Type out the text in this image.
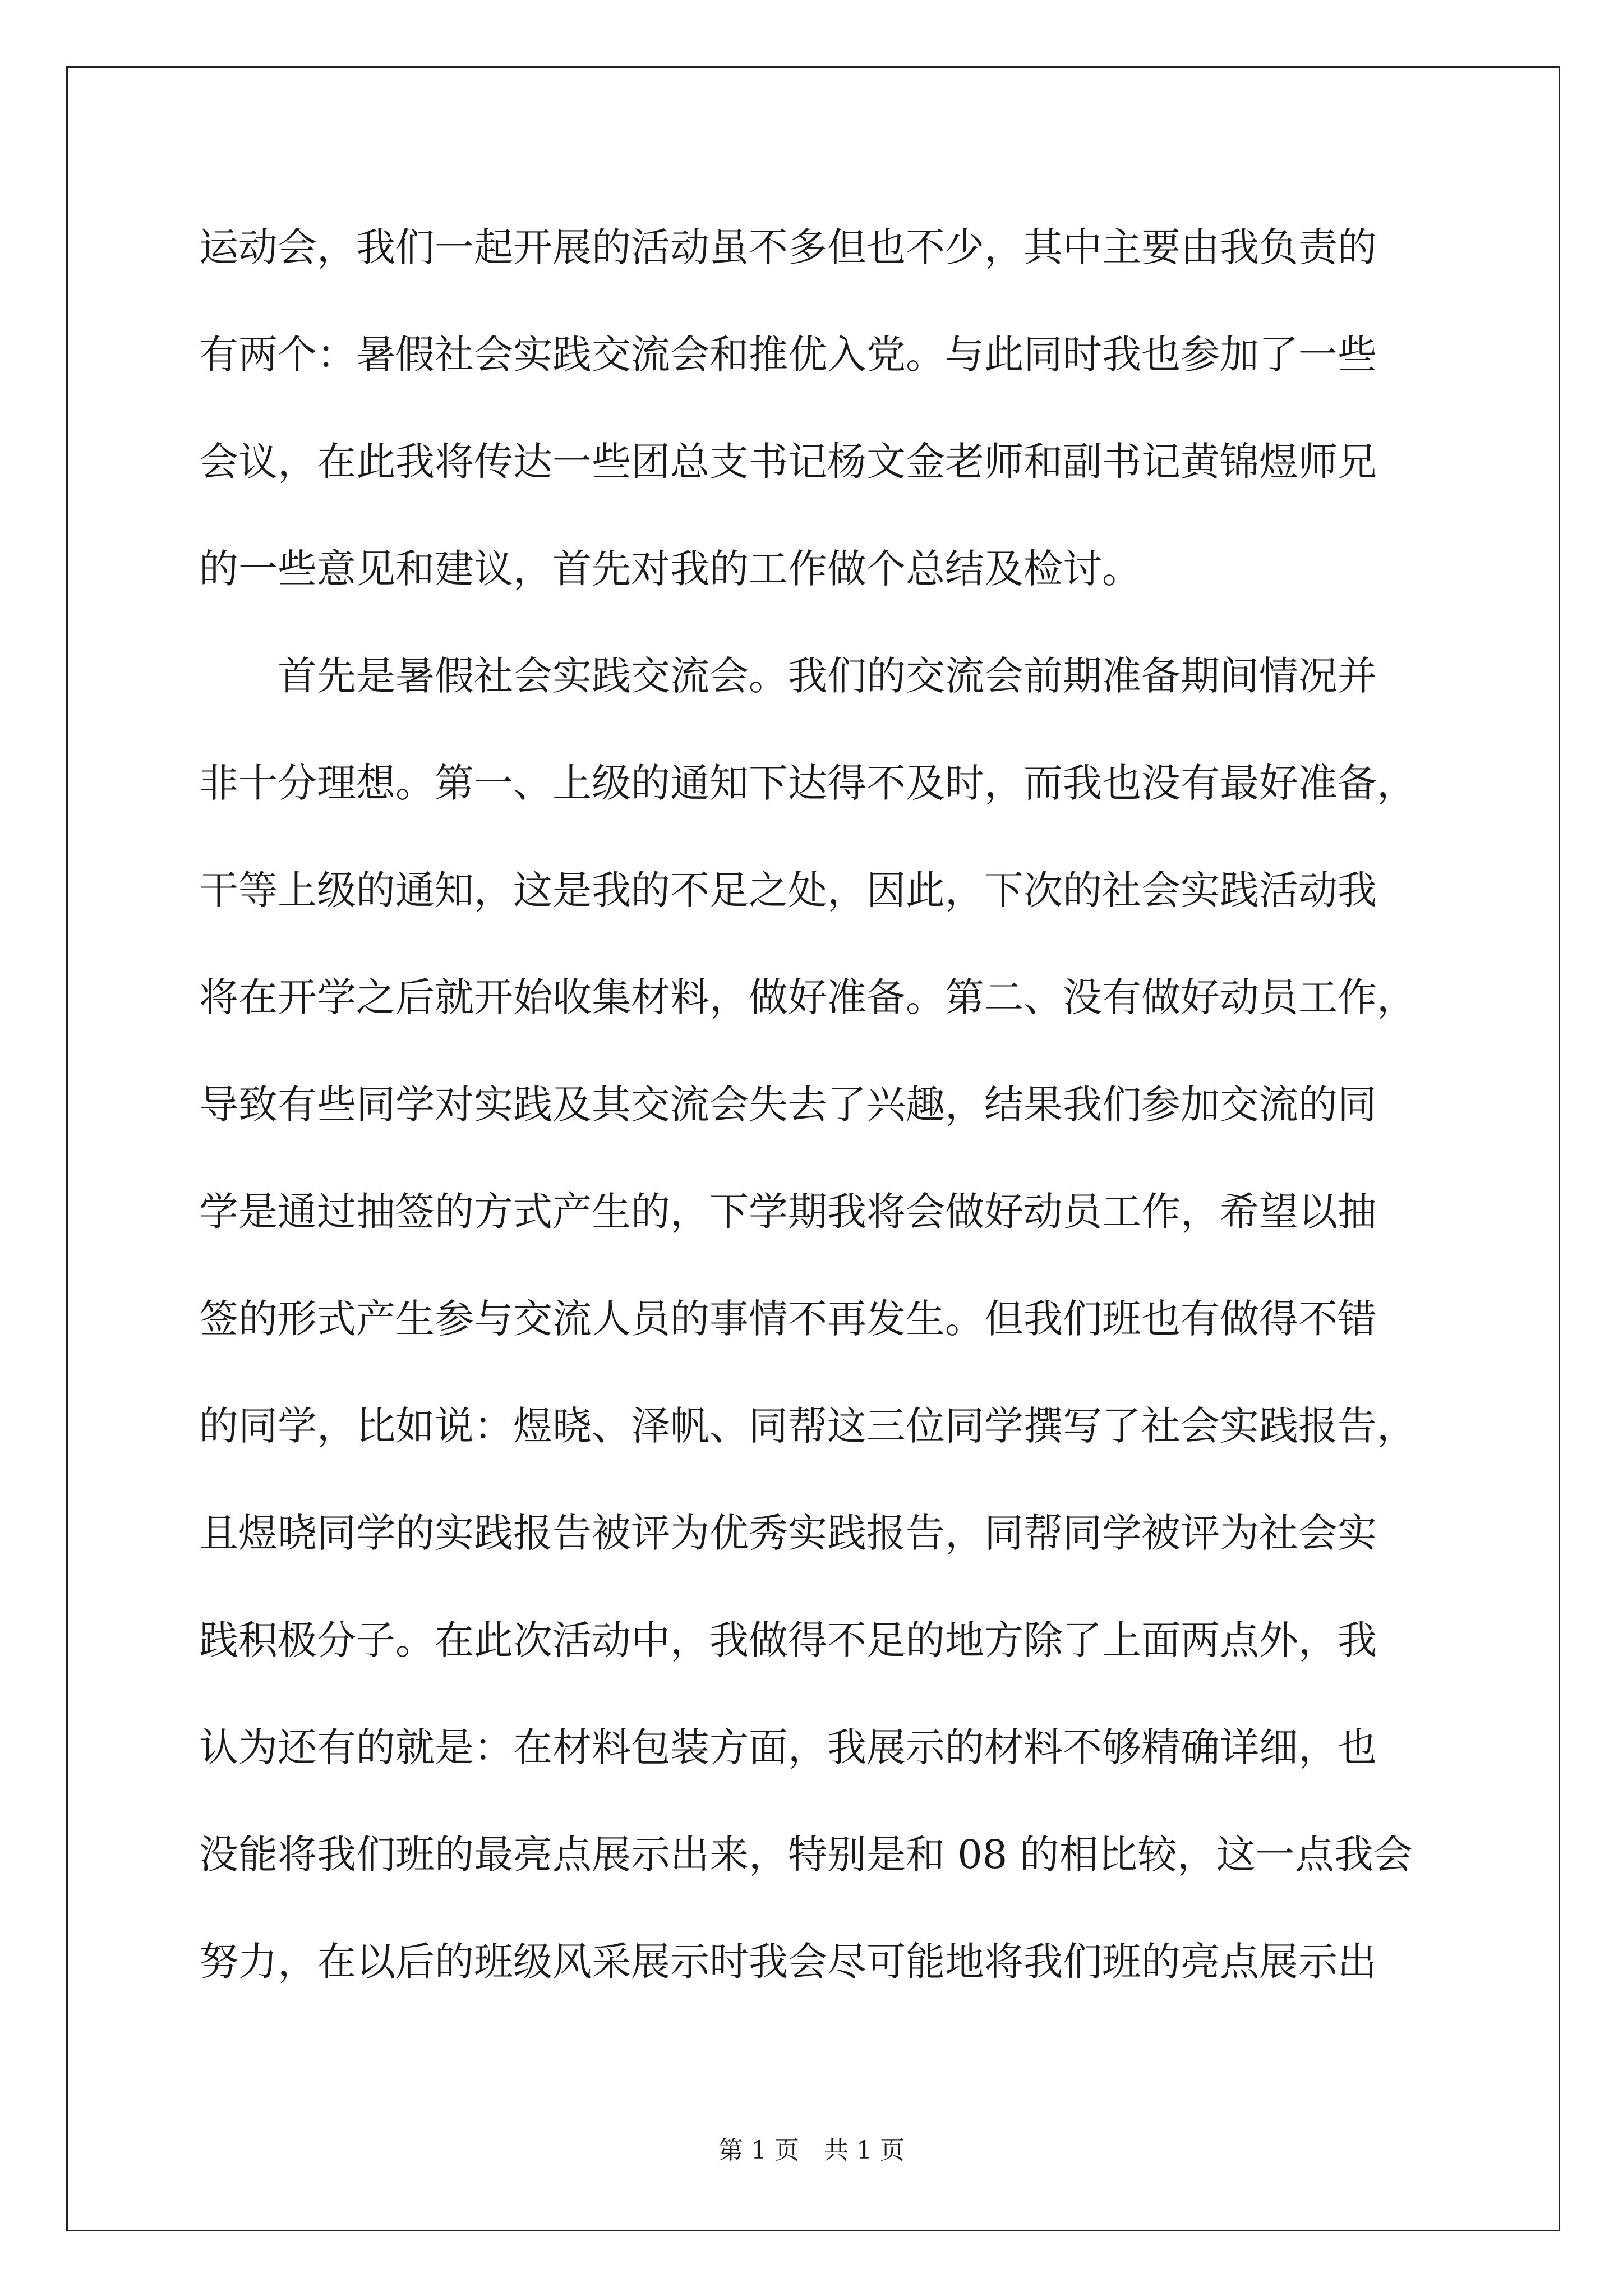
运动会，我们一起开展的活动虽不多但也不少，其中主要由我负责的
有两个：暑假社会实践交流会和推优入党。与此同时我也参加了一些
会议，在此我将传达一些团总支书记杨文金老师和副书记黄锦煜师兄
的一些意见和建议，首先对我的工作做个总结及检讨。
　　首先是暑假社会实践交流会。我们的交流会前期准备期间情况并
非十分理想。第一、上级的通知下达得不及时，而我也没有最好准备，
干等上级的通知，这是我的不足之处，因此，下次的社会实践活动我
将在开学之后就开始收集材料，做好准备。第二、没有做好动员工作，
导致有些同学对实践及其交流会失去了兴趣，结果我们参加交流的同
学是通过抽签的方式产生的，下学期我将会做好动员工作，希望以抽
签的形式产生参与交流人员的事情不再发生。但我们班也有做得不错
的同学，比如说：煜晓、泽帆、同帮这三位同学撰写了社会实践报告，
且煜晓同学的实践报告被评为优秀实践报告，同帮同学被评为社会实
践积极分子。在此次活动中，我做得不足的地方除了上面两点外，我
认为还有的就是：在材料包装方面，我展示的材料不够精确详细，也
没能将我们班的最亮点展示出来，特别是和 08 的相比较，这一点我会
努力，在以后的班级风采展示时我会尽可能地将我们班的亮点展示出
第 1 页　共 1 页
